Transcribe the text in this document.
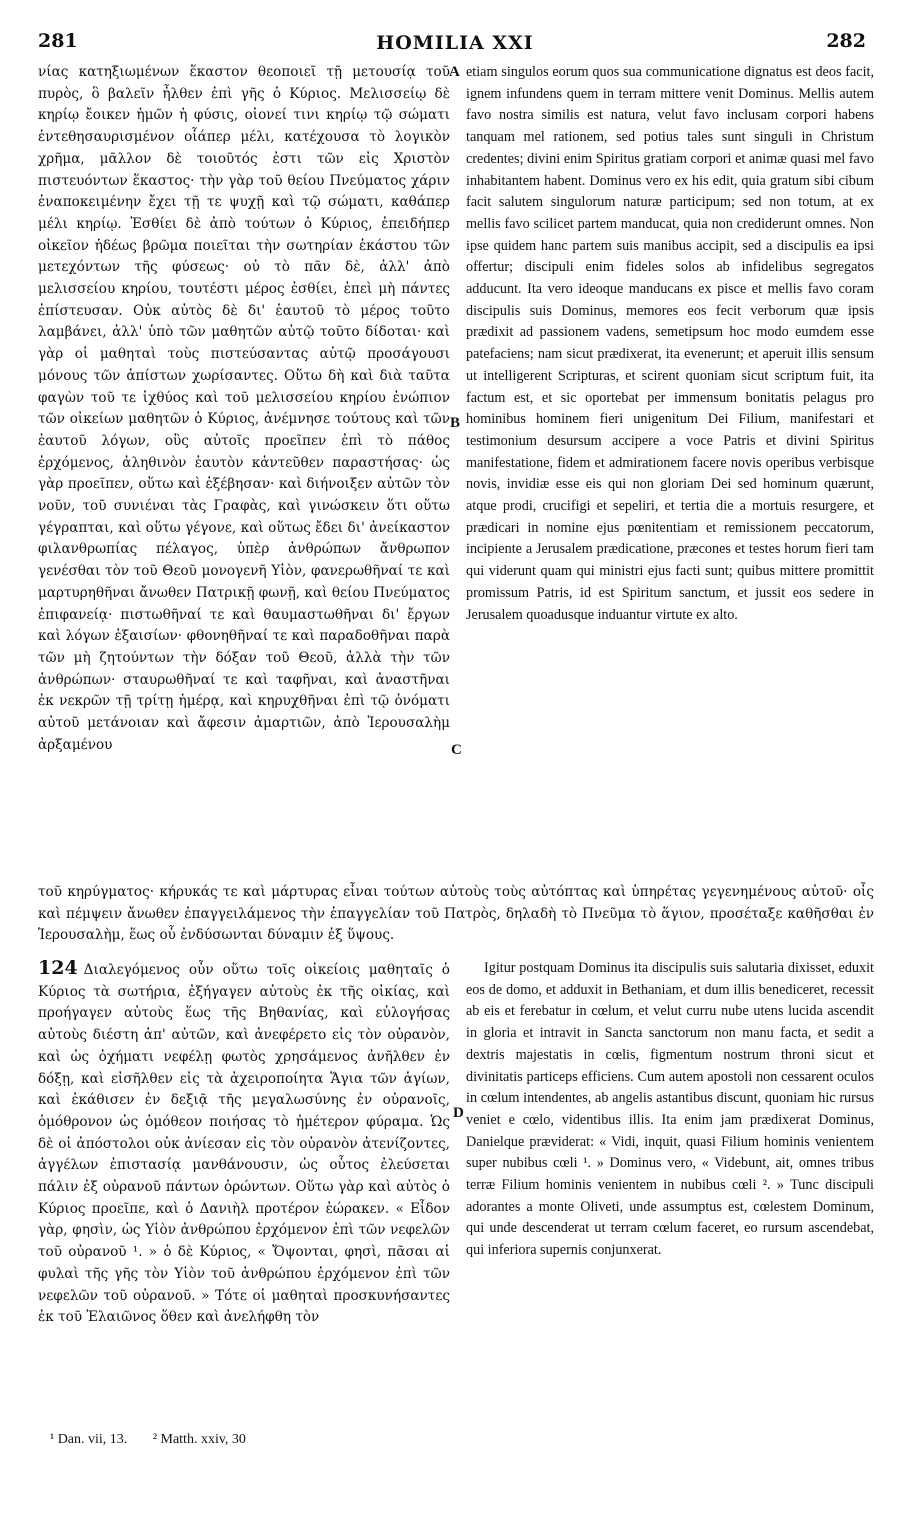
281	HOMILIA XXI	282
A
B
C
D

νίας κατηξιωμένων ἕκαστον θεοποιεῖ τῇ μετουσίᾳ τοῦ πυρὸς, ὃ βαλεῖν ἦλθεν ἐπὶ γῆς ὁ Κύριος. Μελισσείῳ δὲ κηρίῳ ἔοικεν ἡμῶν ἡ φύσις, οἱονεί τινι κηρίῳ τῷ σώματι ἐντεθησαυρισμένον οἷάπερ μέλι, κατέχουσα τὸ λογικὸν χρῆμα, μᾶλλον δὲ τοιοῦτός ἐστι τῶν εἰς Χριστὸν πιστευόντων ἕκαστος· τὴν γὰρ τοῦ θείου Πνεύματος χάριν ἐναποκειμένην ἔχει τῇ τε ψυχῇ καὶ τῷ σώματι, καθάπερ μέλι κηρίῳ. Ἐσθίει δὲ ἀπὸ τούτων ὁ Κύριος, ἐπειδήπερ οἰκεῖον ἡδέως βρῶμα ποιεῖται τὴν σωτηρίαν ἑκάστου τῶν μετεχόντων τῆς φύσεως· οὐ τὸ πᾶν δὲ, ἀλλ' ἀπὸ μελισσείου κηρίου, τουτέστι μέρος ἐσθίει, ἐπεὶ μὴ πάντες ἐπίστευσαν. Οὐκ αὐτὸς δὲ δι' ἑαυτοῦ τὸ μέρος τοῦτο λαμβάνει, ἀλλ' ὑπὸ τῶν μαθητῶν αὐτῷ τοῦτο δίδοται· καὶ γὰρ οἱ μαθηταὶ τοὺς πιστεύσαντας αὐτῷ προσάγουσι μόνους τῶν ἀπίστων χωρίσαντες. Οὕτω δὴ καὶ διὰ ταῦτα φαγὼν τοῦ τε ἰχθύος καὶ τοῦ μελισσείου κηρίου ἐνώπιον τῶν οἰκείων μαθητῶν ὁ Κύριος, ἀνέμνησε τούτους καὶ τῶν ἑαυτοῦ λόγων, οὓς αὐτοῖς προεῖπεν ἐπὶ τὸ πάθος ἐρχόμενος, ἀληθινὸν ἑαυτὸν κἀντεῦθεν παραστήσας· ὡς γὰρ προεῖπεν, οὕτω καὶ ἐξέβησαν· καὶ διήνοιξεν αὐτῶν τὸν νοῦν, τοῦ συνιέναι τὰς Γραφὰς, καὶ γινώσκειν ὅτι οὕτω γέγραπται, καὶ οὕτω γέγονε, καὶ οὕτως ἔδει δι' ἀνείκαστον φιλανθρωπίας πέλαγος, ὑπὲρ ἀνθρώπων ἄνθρωπον γενέσθαι τὸν τοῦ Θεοῦ μονογενῆ Υἱὸν, φανερωθῆναί τε καὶ μαρτυρηθῆναι ἄνωθεν Πατρικῇ φωνῇ, καὶ θείου Πνεύματος ἐπιφανείᾳ· πιστωθῆναί τε καὶ θαυμαστωθῆναι δι' ἔργων καὶ λόγων ἐξαισίων· φθονηθῆναί τε καὶ παραδοθῆναι παρὰ τῶν μὴ ζητούντων τὴν δόξαν τοῦ Θεοῦ, ἀλλὰ τὴν τῶν ἀνθρώπων· σταυρωθῆναί τε καὶ ταφῆναι, καὶ ἀναστῆναι ἐκ νεκρῶν τῇ τρίτῃ ἡμέρᾳ, καὶ κηρυχθῆναι ἐπὶ τῷ ὀνόματι αὐτοῦ μετάνοιαν καὶ ἄφεσιν ἁμαρτιῶν, ἀπὸ Ἱερουσαλὴμ ἀρξαμένου

etiam singulos eorum quos sua communicatione dignatus est deos facit, ignem infundens quem in terram mittere venit Dominus. Mellis autem favo nostra similis est natura, velut favo inclusam corpori habens tanquam mel rationem, sed potius tales sunt singuli in Christum credentes; divini enim Spiritus gratiam corpori et animæ quasi mel favo inhabitantem habent. Dominus vero ex his edit, quia gratum sibi cibum facit salutem singulorum naturæ participum; sed non totum, at ex mellis favo scilicet partem manducat, quia non crediderunt omnes. Non ipse quidem hanc partem suis manibus accipit, sed a discipulis ea ipsi offertur; discipuli enim fideles solos ab infidelibus segregatos adducunt. Ita vero ideoque manducans ex pisce et mellis favo coram discipulis suis Dominus, memores eos fecit verborum quæ ipsis prædixit ad passionem vadens, semetipsum hoc modo eumdem esse patefaciens; nam sicut prædixerat, ita evenerunt; et aperuit illis sensum ut intelligerent Scripturas, et scirent quoniam sicut scriptum fuit, ita factum est, et sic oportebat per immensum bonitatis pelagus pro hominibus hominem fieri unigenitum Dei Filium, manifestari et testimonium desursum accipere a voce Patris et divini Spiritus manifestatione, fidem et admirationem facere novis operibus verbisque novis, invidiæ esse eis qui non gloriam Dei sed hominum quærunt, atque prodi, crucifigi et sepeliri, et tertia die a mortuis resurgere, et prædicari in nomine ejus pœnitentiam et remissionem peccatorum, incipiente a Jerusalem prædicatione, præcones et testes horum fieri tam qui viderunt quam qui ministri ejus facti sunt; quibus mittere promittit promissum Patris, id est Spiritum sanctum, et jussit eos sedere in Jerusalem quoadusque induantur virtute ex alto.

τοῦ κηρύγματος· κήρυκάς τε καὶ μάρτυρας εἶναι τούτων αὐτοὺς τοὺς αὐτόπτας καὶ ὑπηρέτας γεγενημένους αὐτοῦ· οἷς καὶ πέμψειν ἄνωθεν ἐπαγγειλάμενος τὴν ἐπαγγελίαν τοῦ Πατρὸς, δηλαδὴ τὸ Πνεῦμα τὸ ἅγιον, προσέταξε καθῆσθαι ἐν Ἱερουσαλὴμ, ἕως οὗ ἐνδύσωνται δύναμιν ἐξ ὕψους.

124 Διαλεγόμενος οὖν οὕτω τοῖς οἰκείοις μαθηταῖς ὁ Κύριος τὰ σωτήρια, ἐξήγαγεν αὐτοὺς ἐκ τῆς οἰκίας, καὶ προήγαγεν αὐτοὺς ἕως τῆς Βηθανίας, καὶ εὐλογήσας αὐτοὺς διέστη ἀπ' αὐτῶν, καὶ ἀνεφέρετο εἰς τὸν οὐρανὸν, καὶ ὡς ὀχήματι νεφέλῃ φωτὸς χρησάμενος ἀνῆλθεν ἐν δόξῃ, καὶ εἰσῆλθεν εἰς τὰ ἀχειροποίητα Ἅγια τῶν ἁγίων, καὶ ἐκάθισεν ἐν δεξιᾷ τῆς μεγαλωσύνης ἐν οὐρανοῖς, ὁμόθρονον ὡς ὁμόθεον ποιήσας τὸ ἡμέτερον φύραμα. Ὡς δὲ οἱ ἀπόστολοι οὐκ ἀνίεσαν εἰς τὸν οὐρανὸν ἀτενίζοντες, ἀγγέλων ἐπιστασίᾳ μανθάνουσιν, ὡς οὗτος ἐλεύσεται πάλιν ἐξ οὐρανοῦ πάντων ὁρώντων. Οὕτω γὰρ καὶ αὐτὸς ὁ Κύριος προεῖπε, καὶ ὁ Δανιὴλ προτέρον ἑώρακεν. « Εἶδον γὰρ, φησὶν, ὡς Υἱὸν ἀνθρώπου ἐρχόμενον ἐπὶ τῶν νεφελῶν τοῦ οὐρανοῦ ¹. » ὁ δὲ Κύριος, « Ὄψονται, φησὶ, πᾶσαι αἱ φυλαὶ τῆς γῆς τὸν Υἱὸν τοῦ ἀνθρώπου ἐρχόμενον ἐπὶ τῶν νεφελῶν τοῦ οὐρανοῦ. » Τότε οἱ μαθηταὶ προσκυνήσαντες ἐκ τοῦ Ἐλαιῶνος ὅθεν καὶ ἀνελήφθη τὸν

Igitur postquam Dominus ita discipulis suis salutaria dixisset, eduxit eos de domo, et adduxit in Bethaniam, et dum illis benediceret, recessit ab eis et ferebatur in cœlum, et velut curru nube utens lucida ascendit in gloria et intravit in Sancta sanctorum non manu facta, et sedit a dextris majestatis in cœlis, figmentum nostrum throni sicut et divinitatis particeps efficiens. Cum autem apostoli non cessarent oculos in cœlum intendentes, ab angelis astantibus discunt, quoniam hic rursus veniet e cœlo, videntibus illis. Ita enim jam prædixerat Dominus, Danielque præviderat: « Vidi, inquit, quasi Filium hominis venientem super nubibus cœli ¹. » Dominus vero, « Videbunt, ait, omnes tribus terræ Filium hominis venientem in nubibus cœli ². » Tunc discipuli adorantes a monte Oliveti, unde assumptus est, cœlestem Dominum, qui unde descenderat ut terram cœlum faceret, eo rursum ascendebat, qui inferiora supernis conjunxerat.

¹ Dan. vii, 13. ² Matth. xxiv, 30
